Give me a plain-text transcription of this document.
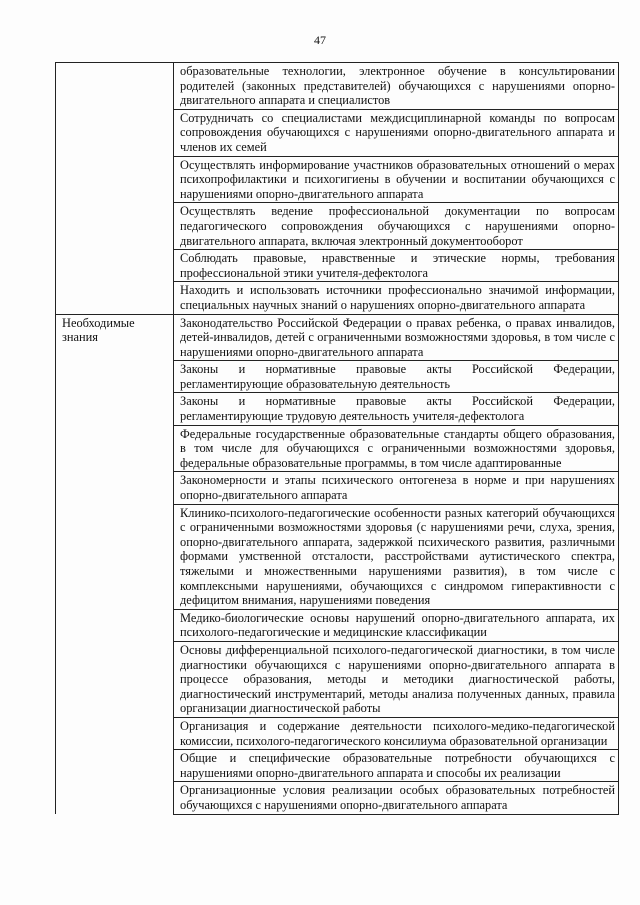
47
	образовательные технологии, электронное обучение в консультировании родителей (законных представителей) обучающихся с нарушениями опорно-двигательного аппарата и специалистов
	Сотрудничать со специалистами междисциплинарной команды по вопросам сопровождения обучающихся с нарушениями опорно-двигательного аппарата и членов их семей
	Осуществлять информирование участников образовательных отношений о мерах психопрофилактики и психогигиены в обучении и воспитании обучающихся с нарушениями опорно-двигательного аппарата
	Осуществлять ведение профессиональной документации по вопросам педагогического сопровождения обучающихся с нарушениями опорно-двигательного аппарата, включая электронный документооборот
	Соблюдать правовые, нравственные и этические нормы, требования профессиональной этики учителя-дефектолога
	Находить и использовать источники профессионально значимой информации, специальных научных знаний о нарушениях опорно-двигательного аппарата
Необходимые знания	Законодательство Российской Федерации о правах ребенка, о правах инвалидов, детей-инвалидов, детей с ограниченными возможностями здоровья, в том числе с нарушениями опорно-двигательного аппарата
	Законы и нормативные правовые акты Российской Федерации, регламентирующие образовательную деятельность
	Законы и нормативные правовые акты Российской Федерации, регламентирующие трудовую деятельность учителя-дефектолога
	Федеральные государственные образовательные стандарты общего образования, в том числе для обучающихся с ограниченными возможностями здоровья, федеральные образовательные программы, в том числе адаптированные
	Закономерности и этапы психического онтогенеза в норме и при нарушениях опорно-двигательного аппарата
	Клинико-психолого-педагогические особенности разных категорий обучающихся с ограниченными возможностями здоровья (с нарушениями речи, слуха, зрения, опорно-двигательного аппарата, задержкой психического развития, различными формами умственной отсталости, расстройствами аутистического спектра, тяжелыми и множественными нарушениями развития), в том числе с комплексными нарушениями, обучающихся с синдромом гиперактивности с дефицитом внимания, нарушениями поведения
	Медико-биологические основы нарушений опорно-двигательного аппарата, их психолого-педагогические и медицинские классификации
	Основы дифференциальной психолого-педагогической диагностики, в том числе диагностики обучающихся с нарушениями опорно-двигательного аппарата в процессе образования, методы и методики диагностической работы, диагностический инструментарий, методы анализа полученных данных, правила организации диагностической работы
	Организация и содержание деятельности психолого-медико-педагогической комиссии, психолого-педагогического консилиума образовательной организации
	Общие и специфические образовательные потребности обучающихся с нарушениями опорно-двигательного аппарата и способы их реализации
	Организационные условия реализации особых образовательных потребностей обучающихся с нарушениями опорно-двигательного аппарата
